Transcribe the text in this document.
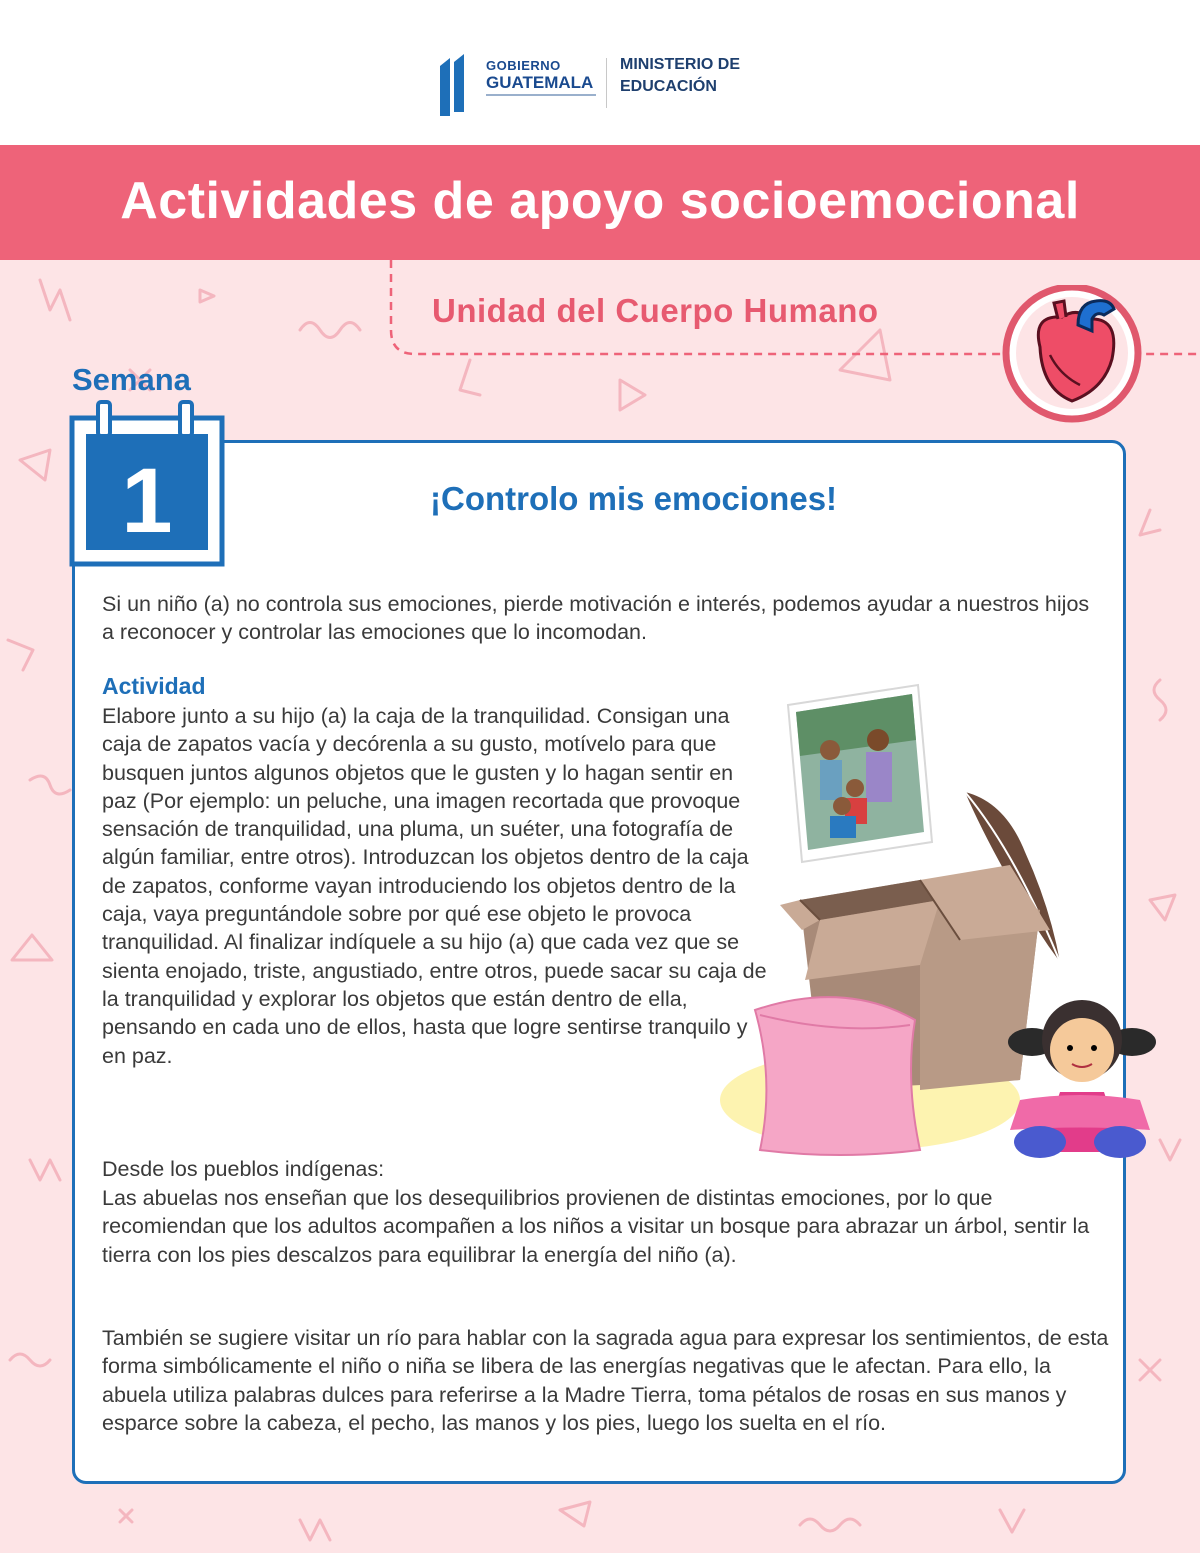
GOBIERNO
GUATEMALA
MINISTERIO DE
EDUCACIÓN
Actividades de apoyo socioemocional
Unidad del Cuerpo Humano
Semana
1	¡Controlo mis emociones!

Si un niño (a) no controla sus emociones, pierde motivación e interés, podemos ayudar a nuestros hijos a reconocer y controlar las emociones que lo incomodan.

Actividad

Elabore junto a su hijo (a) la caja de la tranquilidad. Consigan una caja de zapatos vacía y decórenla a su gusto, motívelo para que busquen juntos algunos objetos que le gusten y lo hagan sentir en paz (Por ejemplo: un peluche, una imagen recortada que provoque sensación de tranquilidad, una pluma, un suéter, una fotografía de algún familiar, entre otros). Introduzcan los objetos dentro de la caja de zapatos, conforme vayan introduciendo los objetos dentro de la caja, vaya preguntándole sobre por qué ese objeto le provoca tranquilidad. Al finalizar indíquele a su hijo (a) que cada vez que se sienta enojado, triste, angustiado, entre otros, puede sacar su caja de la tranquilidad y explorar los objetos que están dentro de ella, pensando en cada uno de ellos, hasta que logre sentirse tranquilo y en paz.

Desde los pueblos indígenas:

Las abuelas nos enseñan que los desequilibrios provienen de distintas emociones, por lo que recomiendan que los adultos acompañen a los niños a visitar un bosque para abrazar un árbol, sentir la tierra con los pies descalzos para equilibrar la energía del niño (a).

También se sugiere visitar un río para hablar con la sagrada agua para expresar los sentimientos, de esta forma simbólicamente el niño o niña se libera de las energías negativas que le afectan. Para ello, la abuela utiliza palabras dulces para referirse a la Madre Tierra, toma pétalos de rosas en sus manos y esparce sobre la cabeza, el pecho, las manos y los pies, luego los suelta en el río.
